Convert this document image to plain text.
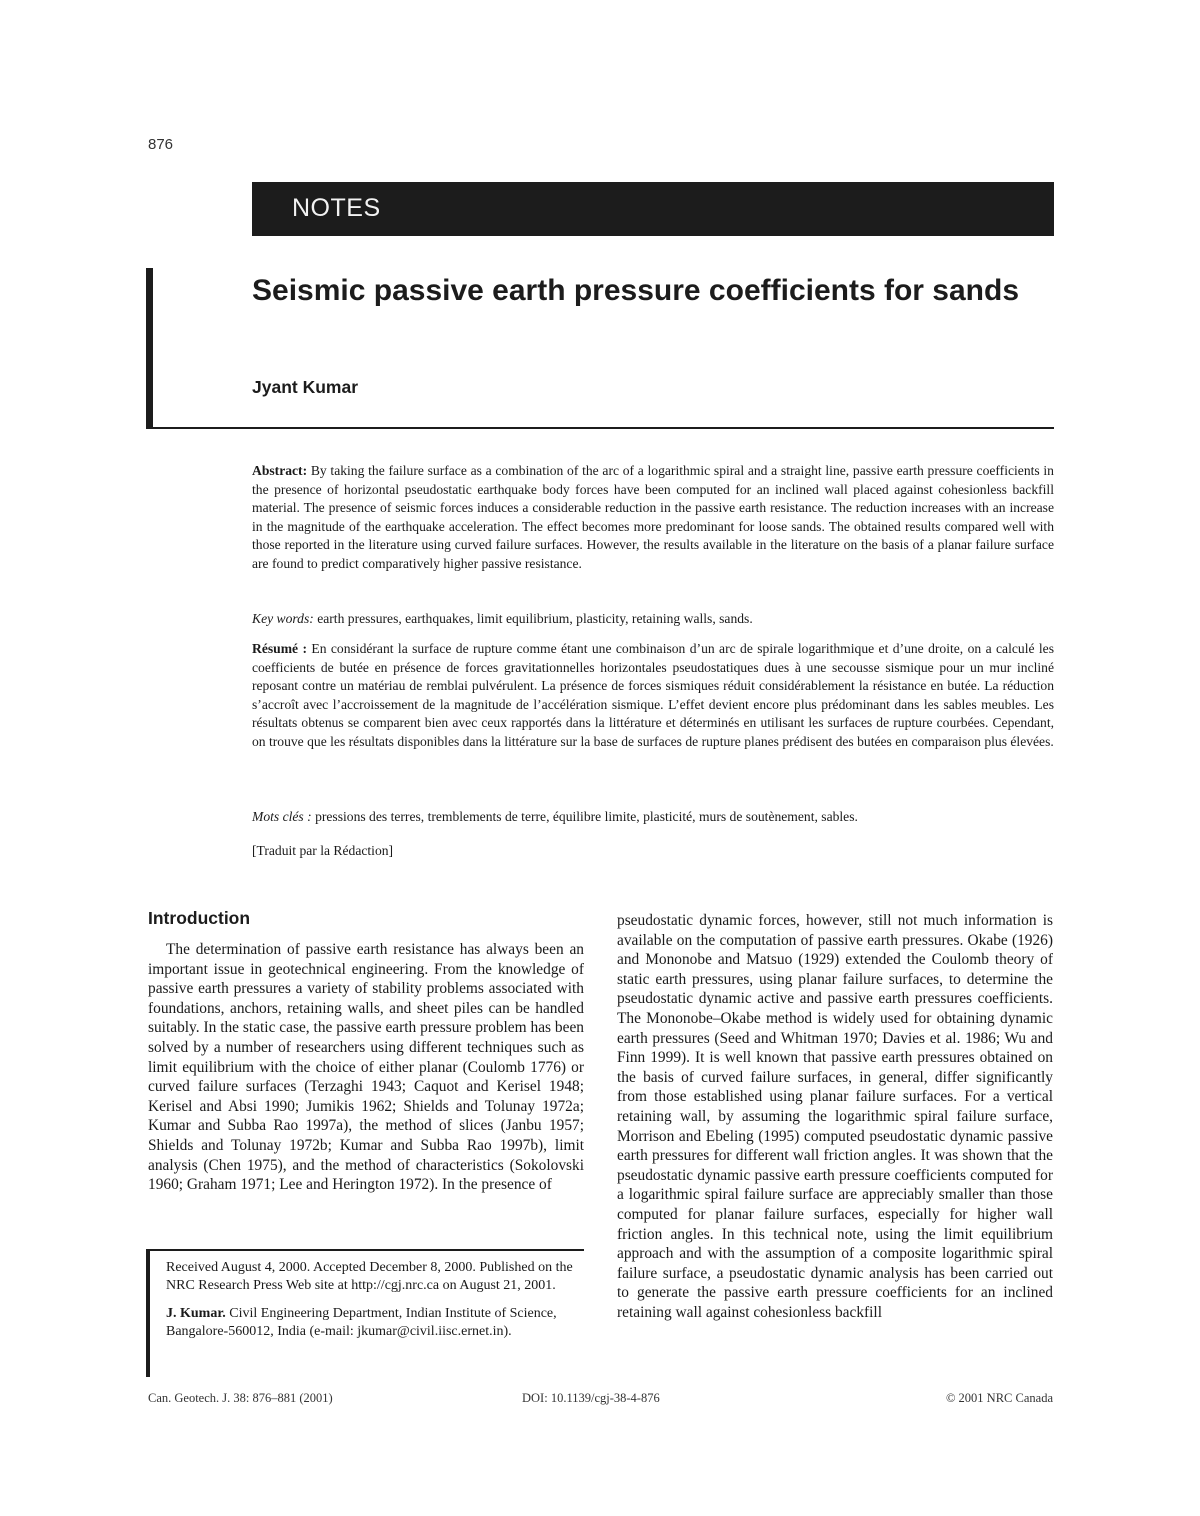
876
NOTES
Seismic passive earth pressure coefficients for sands
Jyant Kumar
Abstract: By taking the failure surface as a combination of the arc of a logarithmic spiral and a straight line, passive earth pressure coefficients in the presence of horizontal pseudostatic earthquake body forces have been computed for an inclined wall placed against cohesionless backfill material. The presence of seismic forces induces a considerable reduction in the passive earth resistance. The reduction increases with an increase in the magnitude of the earthquake acceleration. The effect becomes more predominant for loose sands. The obtained results compared well with those reported in the literature using curved failure surfaces. However, the results available in the literature on the basis of a planar failure surface are found to predict comparatively higher passive resistance.
Key words: earth pressures, earthquakes, limit equilibrium, plasticity, retaining walls, sands.
Résumé : En considérant la surface de rupture comme étant une combinaison d’un arc de spirale logarithmique et d’une droite, on a calculé les coefficients de butée en présence de forces gravitationnelles horizontales pseudostatiques dues à une secousse sismique pour un mur incliné reposant contre un matériau de remblai pulvérulent. La présence de forces sismiques réduit considérablement la résistance en butée. La réduction s’accroît avec l’accroissement de la magnitude de l’accélération sismique. L’effet devient encore plus prédominant dans les sables meubles. Les résultats obtenus se comparent bien avec ceux rapportés dans la littérature et déterminés en utilisant les surfaces de rupture courbées. Cependant, on trouve que les résultats disponibles dans la littérature sur la base de surfaces de rupture planes prédisent des butées en comparaison plus élevées.
Mots clés : pressions des terres, tremblements de terre, équilibre limite, plasticité, murs de soutènement, sables.
[Traduit par la Rédaction]
Introduction
The determination of passive earth resistance has always been an important issue in geotechnical engineering. From the knowledge of passive earth pressures a variety of stability problems associated with foundations, anchors, retaining walls, and sheet piles can be handled suitably. In the static case, the passive earth pressure problem has been solved by a number of researchers using different techniques such as limit equilibrium with the choice of either planar (Coulomb 1776) or curved failure surfaces (Terzaghi 1943; Caquot and Kerisel 1948; Kerisel and Absi 1990; Jumikis 1962; Shields and Tolunay 1972a; Kumar and Subba Rao 1997a), the method of slices (Janbu 1957; Shields and Tolunay 1972b; Kumar and Subba Rao 1997b), limit analysis (Chen 1975), and the method of characteristics (Sokolovski 1960; Graham 1971; Lee and Herington 1972). In the presence of
pseudostatic dynamic forces, however, still not much information is available on the computation of passive earth pressures. Okabe (1926) and Mononobe and Matsuo (1929) extended the Coulomb theory of static earth pressures, using planar failure surfaces, to determine the pseudostatic dynamic active and passive earth pressures coefficients. The Mononobe–Okabe method is widely used for obtaining dynamic earth pressures (Seed and Whitman 1970; Davies et al. 1986; Wu and Finn 1999). It is well known that passive earth pressures obtained on the basis of curved failure surfaces, in general, differ significantly from those established using planar failure surfaces. For a vertical retaining wall, by assuming the logarithmic spiral failure surface, Morrison and Ebeling (1995) computed pseudostatic dynamic passive earth pressures for different wall friction angles. It was shown that the pseudostatic dynamic passive earth pressure coefficients computed for a logarithmic spiral failure surface are appreciably smaller than those computed for planar failure surfaces, especially for higher wall friction angles. In this technical note, using the limit equilibrium approach and with the assumption of a composite logarithmic spiral failure surface, a pseudostatic dynamic analysis has been carried out to generate the passive earth pressure coefficients for an inclined retaining wall against cohesionless backfill

Received August 4, 2000. Accepted December 8, 2000. Published on the NRC Research Press Web site at http://cgj.nrc.ca on August 21, 2001.

J. Kumar. Civil Engineering Department, Indian Institute of Science, Bangalore-560012, India (e-mail: jkumar@civil.iisc.ernet.in).

Can. Geotech. J. 38: 876–881 (2001)	DOI: 10.1139/cgj-38-4-876	© 2001 NRC Canada
